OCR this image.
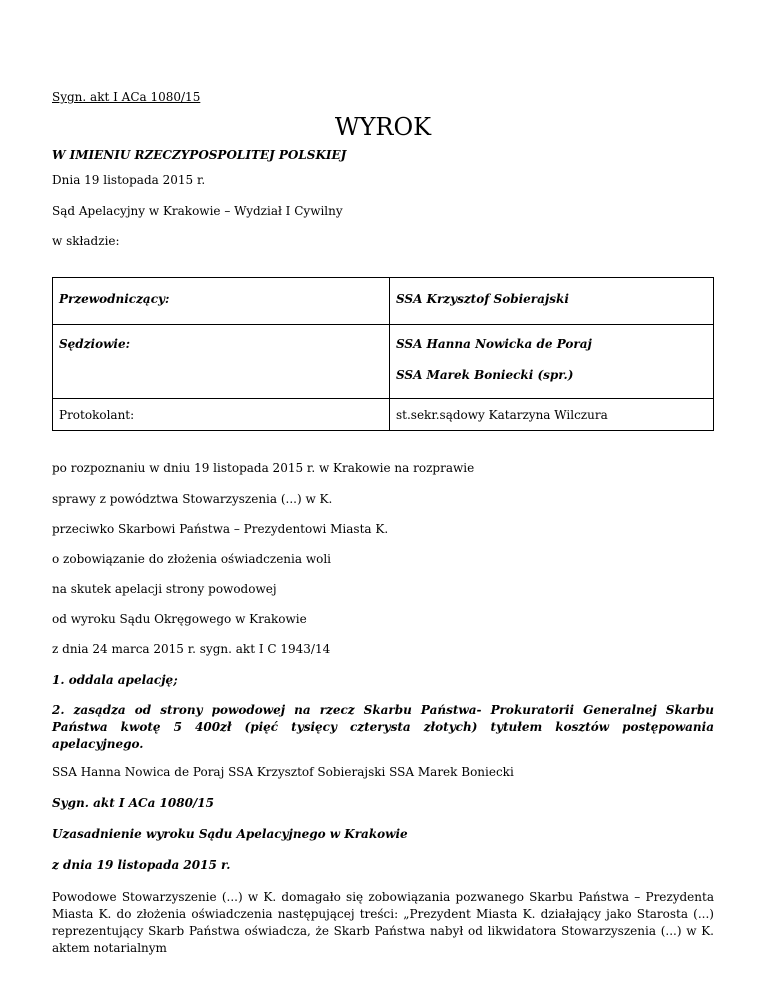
Sygn. akt I ACa 1080/15

WYROK

W IMIENIU RZECZYPOSPOLITEJ POLSKIEJ

Dnia 19 listopada 2015 r.

Sąd Apelacyjny w Krakowie – Wydział I Cywilny

w składzie:

Przewodniczący:	SSA Krzysztof Sobierajski

Sędziowie:	SSA Hanna Nowicka de Poraj
SSA Marek Boniecki (spr.)

Protokolant:	st.sekr.sądowy Katarzyna Wilczura

po rozpoznaniu w dniu 19 listopada 2015 r. w Krakowie na rozprawie

sprawy z powództwa Stowarzyszenia (...) w K.

przeciwko Skarbowi Państwa – Prezydentowi Miasta K.

o zobowiązanie do złożenia oświadczenia woli

na skutek apelacji strony powodowej

od wyroku Sądu Okręgowego w Krakowie

z dnia 24 marca 2015 r. sygn. akt I C 1943/14

1. oddala apelację;

2. zasądza od strony powodowej na rzecz Skarbu Państwa- Prokuratorii Generalnej Skarbu Państwa kwotę 5 400zł (pięć tysięcy czterysta złotych) tytułem kosztów postępowania apelacyjnego.

SSA Hanna Nowica de Poraj SSA Krzysztof Sobierajski SSA Marek Boniecki

Sygn. akt I ACa 1080/15

Uzasadnienie wyroku Sądu Apelacyjnego w Krakowie

z dnia 19 listopada 2015 r.

Powodowe Stowarzyszenie (...) w K. domagało się zobowiązania pozwanego Skarbu Państwa – Prezydenta Miasta K. do złożenia oświadczenia następującej treści: „Prezydent Miasta K. działający jako Starosta (...) reprezentujący Skarb Państwa oświadcza, że Skarb Państwa nabył od likwidatora Stowarzyszenia (...) w K. aktem notarialnym
